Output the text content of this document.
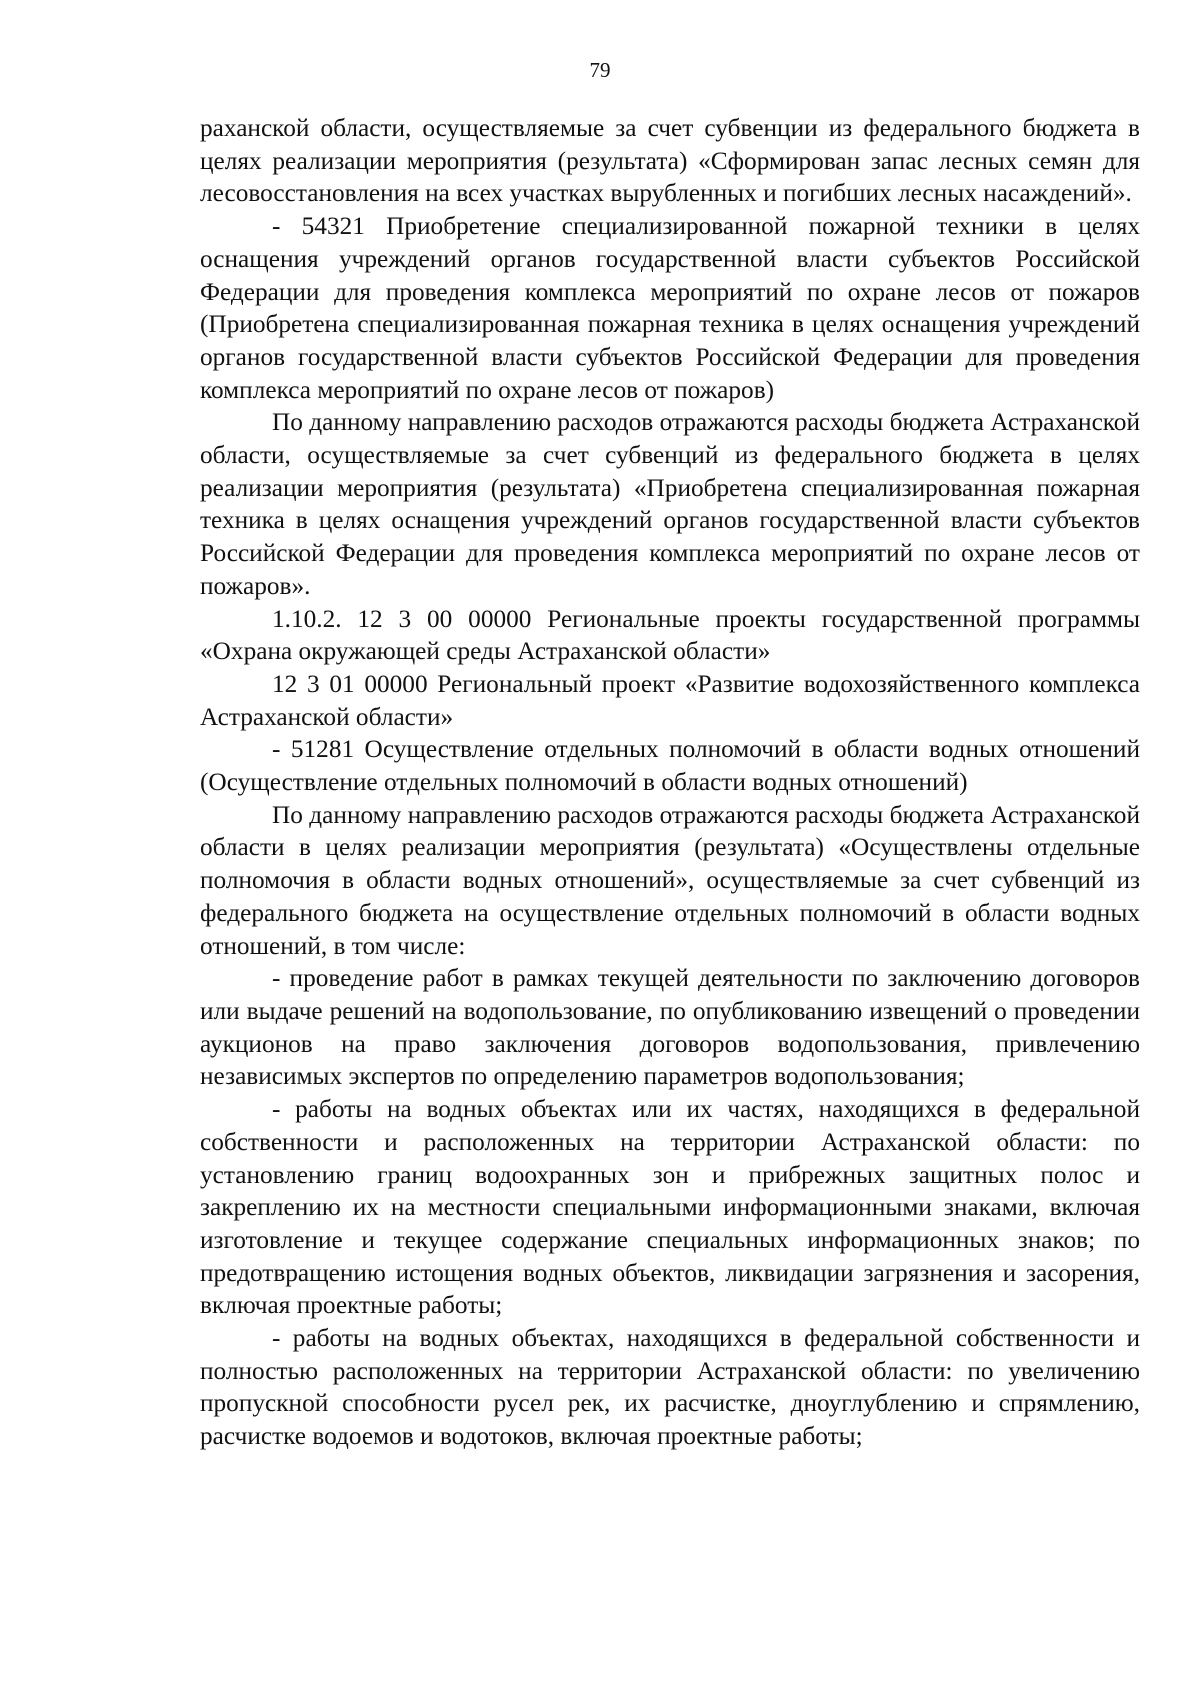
79

раханской области, осуществляемые за счет субвенции из федерального бюджета в целях реализации мероприятия (результата) «Сформирован запас лесных семян для лесовосстановления на всех участках вырубленных и погибших лесных насаждений».

- 54321 Приобретение специализированной пожарной техники в целях оснащения учреждений органов государственной власти субъектов Российской Федерации для проведения комплекса мероприятий по охране лесов от пожаров (Приобретена специализированная пожарная техника в целях оснащения учреждений органов государственной власти субъектов Российской Федерации для проведения комплекса мероприятий по охране лесов от пожаров)

По данному направлению расходов отражаются расходы бюджета Астраханской области, осуществляемые за счет субвенций из федерального бюджета в целях реализации мероприятия (результата) «Приобретена специализированная пожарная техника в целях оснащения учреждений органов государственной власти субъектов Российской Федерации для проведения комплекса мероприятий по охране лесов от пожаров».

1.10.2. 12 3 00 00000 Региональные проекты государственной программы «Охрана окружающей среды Астраханской области»

12 3 01 00000 Региональный проект «Развитие водохозяйственного комплекса Астраханской области»

- 51281 Осуществление отдельных полномочий в области водных отношений (Осуществление отдельных полномочий в области водных отношений)

По данному направлению расходов отражаются расходы бюджета Астраханской области в целях реализации мероприятия (результата) «Осуществлены отдельные полномочия в области водных отношений», осуществляемые за счет субвенций из федерального бюджета на осуществление отдельных полномочий в области водных отношений, в том числе:

- проведение работ в рамках текущей деятельности по заключению договоров или выдаче решений на водопользование, по опубликованию извещений о проведении аукционов на право заключения договоров водопользования, привлечению независимых экспертов по определению параметров водопользования;

- работы на водных объектах или их частях, находящихся в федеральной собственности и расположенных на территории Астраханской области: по установлению границ водоохранных зон и прибрежных защитных полос и закреплению их на местности специальными информационными знаками, включая изготовление и текущее содержание специальных информационных знаков; по предотвращению истощения водных объектов, ликвидации загрязнения и засорения, включая проектные работы;

- работы на водных объектах, находящихся в федеральной собственности и полностью расположенных на территории Астраханской области: по увеличению пропускной способности русел рек, их расчистке, дноуглублению и спрямлению, расчистке водоемов и водотоков, включая проектные работы;
